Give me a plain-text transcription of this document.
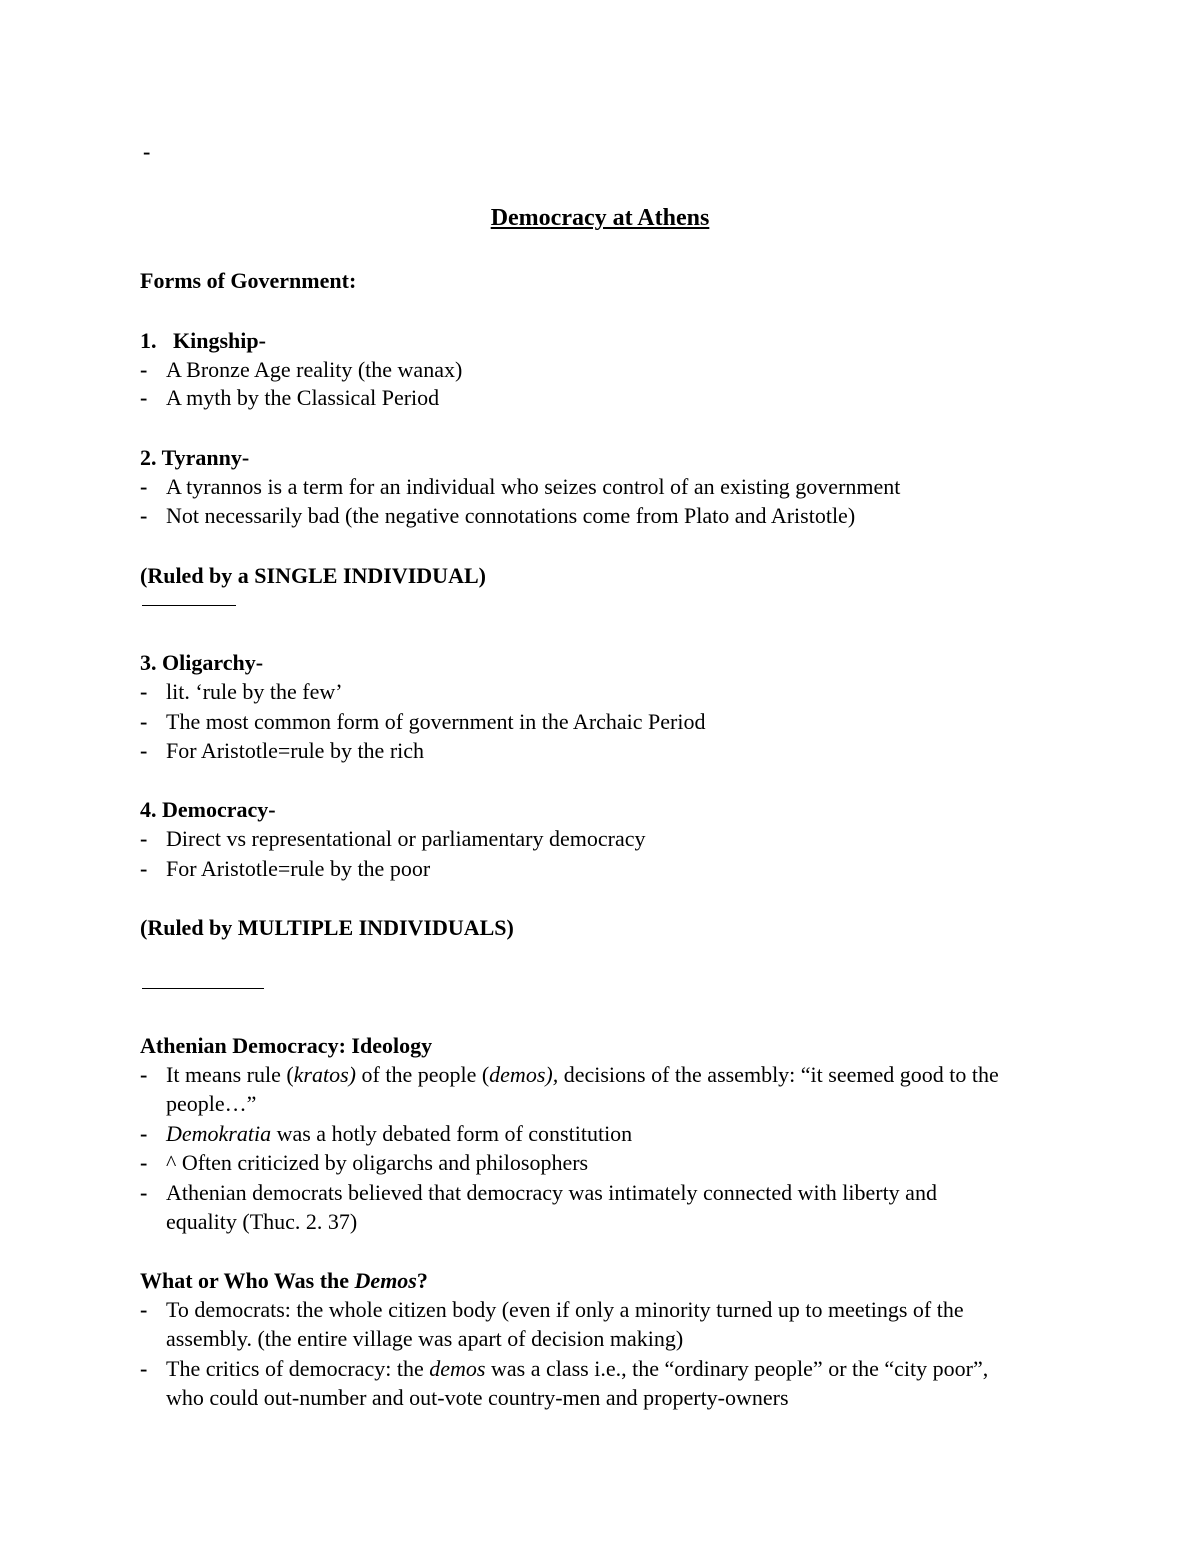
-
Democracy at Athens
Forms of Government:
1.   Kingship-
- A Bronze Age reality (the wanax)
- A myth by the Classical Period
2. Tyranny-
- A tyrannos is a term for an individual who seizes control of an existing government
- Not necessarily bad (the negative connotations come from Plato and Aristotle)
(Ruled by a SINGLE INDIVIDUAL)
3. Oligarchy-
- lit. ‘rule by the few’
- The most common form of government in the Archaic Period
- For Aristotle=rule by the rich
4. Democracy-
- Direct vs representational or parliamentary democracy
- For Aristotle=rule by the poor
(Ruled by MULTIPLE INDIVIDUALS)
Athenian Democracy: Ideology
- It means rule (kratos) of the people (demos), decisions of the assembly: “it seemed good to the
people…”
- Demokratia was a hotly debated form of constitution
- ^ Often criticized by oligarchs and philosophers
- Athenian democrats believed that democracy was intimately connected with liberty and
equality (Thuc. 2. 37)
What or Who Was the Demos?
- To democrats: the whole citizen body (even if only a minority turned up to meetings of the
assembly. (the entire village was apart of decision making)
- The critics of democracy: the demos was a class i.e., the “ordinary people” or the “city poor”,
who could out-number and out-vote country-men and property-owners
